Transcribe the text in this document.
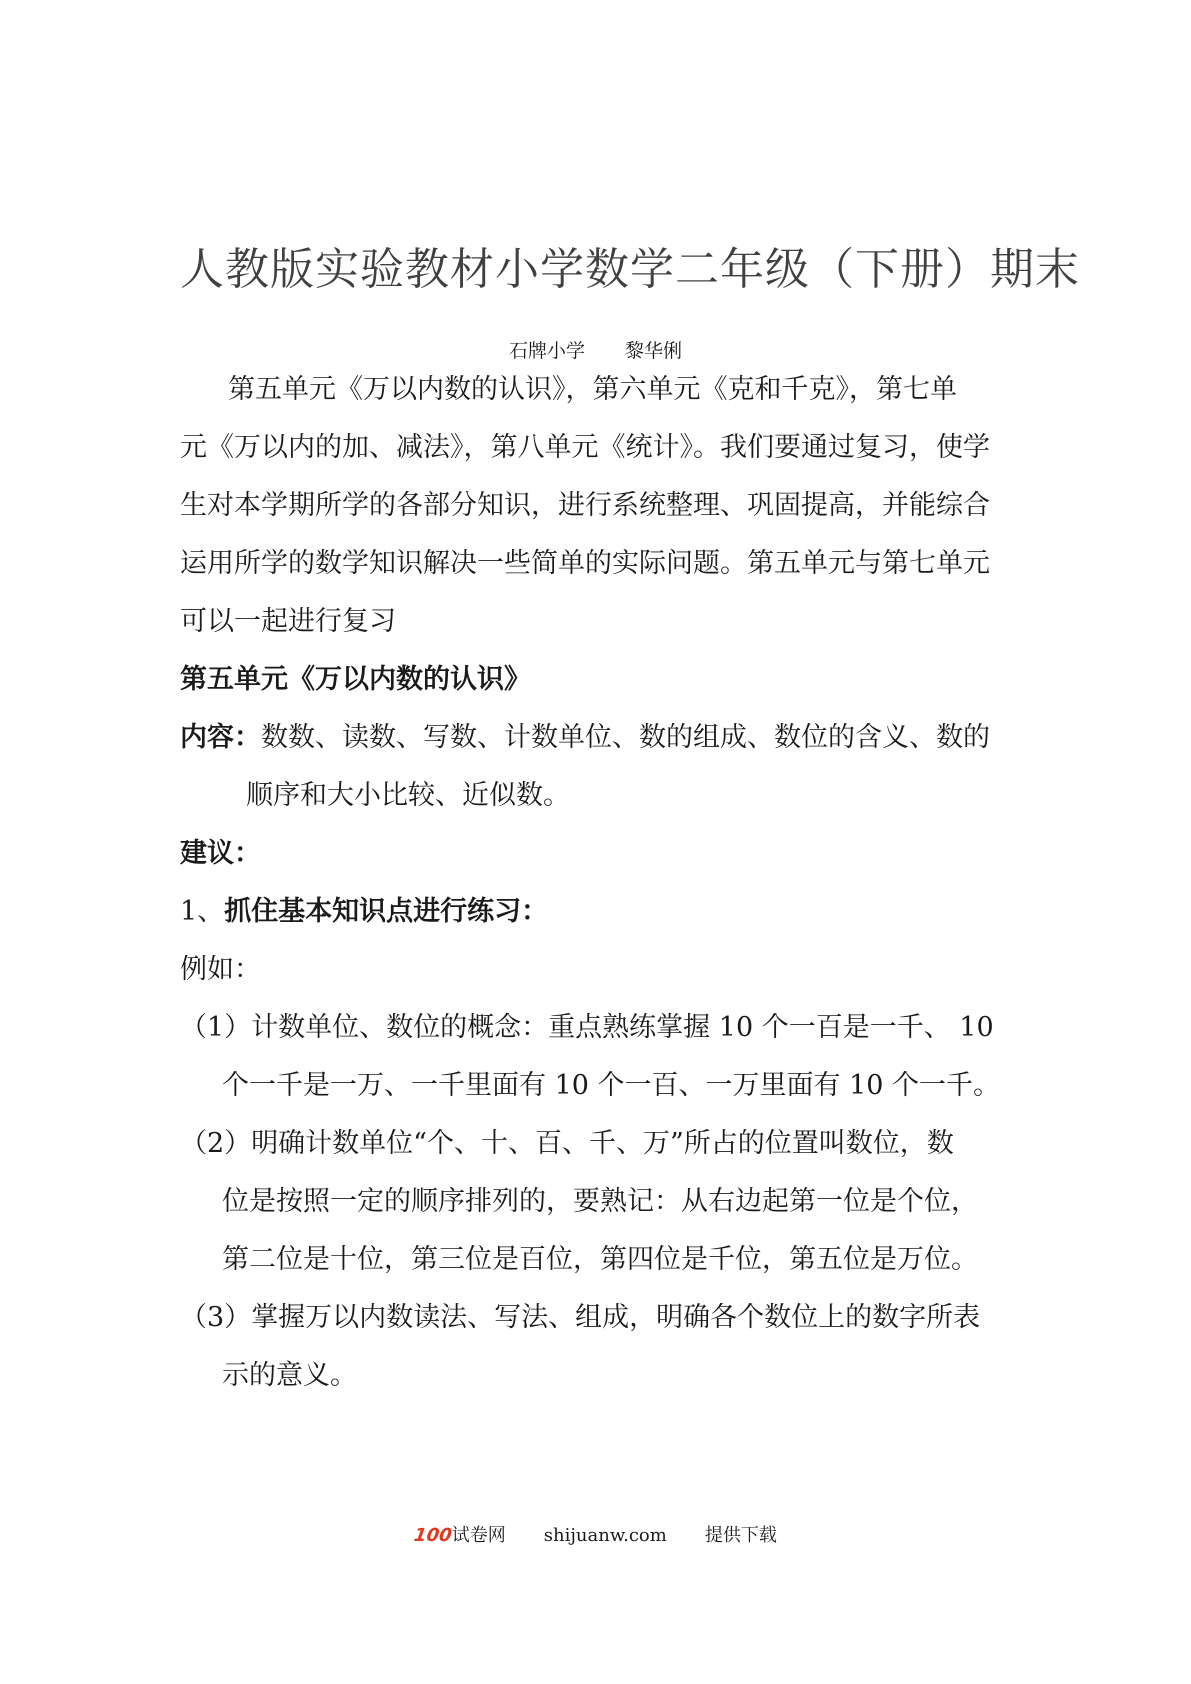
人教版实验教材小学数学二年级（下册）期末
石牌小学 黎华俐
第五单元《万以内数的认识》，第六单元《克和千克》，第七单
元《万以内的加、减法》，第八单元《统计》。我们要通过复习，使学
生对本学期所学的各部分知识，进行系统整理、巩固提高，并能综合
运用所学的数学知识解决一些简单的实际问题。第五单元与第七单元
可以一起进行复习
第五单元《万以内数的认识》
内容：数数、读数、写数、计数单位、数的组成、数位的含义、数的
顺序和大小比较、近似数。
建议：
1、抓住基本知识点进行练习：
例如：
（1）计数单位、数位的概念：重点熟练掌握 10 个一百是一千、 10
个一千是一万、一千里面有 10 个一百、一万里面有 10 个一千。
（2）明确计数单位“个、十、百、千、万”所占的位置叫数位，数
位是按照一定的顺序排列的，要熟记：从右边起第一位是个位，
第二位是十位，第三位是百位，第四位是千位，第五位是万位。
（3）掌握万以内数读法、写法、组成，明确各个数位上的数字所表
示的意义。
100试卷网 shijuanw.com 提供下载
